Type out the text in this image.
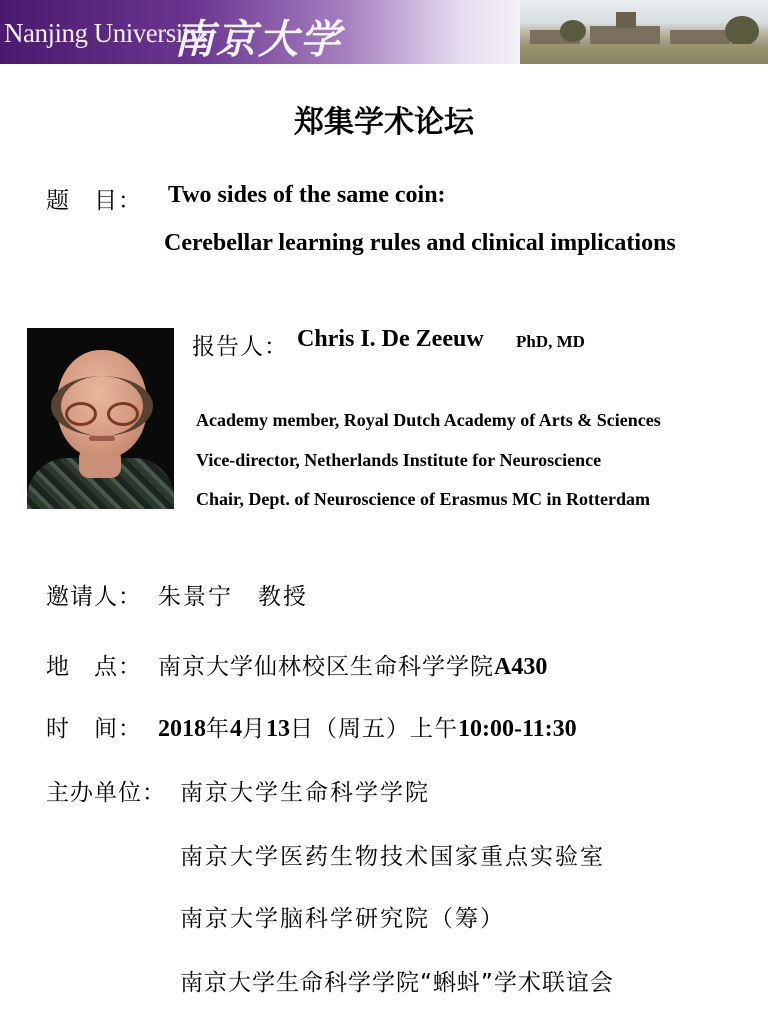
Nanjing University
南京大学
郑集学术论坛
题　目： Two sides of the same coin:
Cerebellar learning rules and clinical implications
报告人： Chris I. De Zeeuw PhD, MD
Academy member, Royal Dutch Academy of Arts & Sciences
Vice-director, Netherlands Institute for Neuroscience
Chair, Dept. of Neuroscience of Erasmus MC in Rotterdam
邀请人： 朱景宁　教授
地　点： 南京大学仙林校区生命科学学院A430
时　间： 2018年4月13日（周五）上午10:00-11:30
主办单位： 南京大学生命科学学院
南京大学医药生物技术国家重点实验室
南京大学脑科学研究院（筹）
南京大学生命科学学院“蝌蚪”学术联谊会
